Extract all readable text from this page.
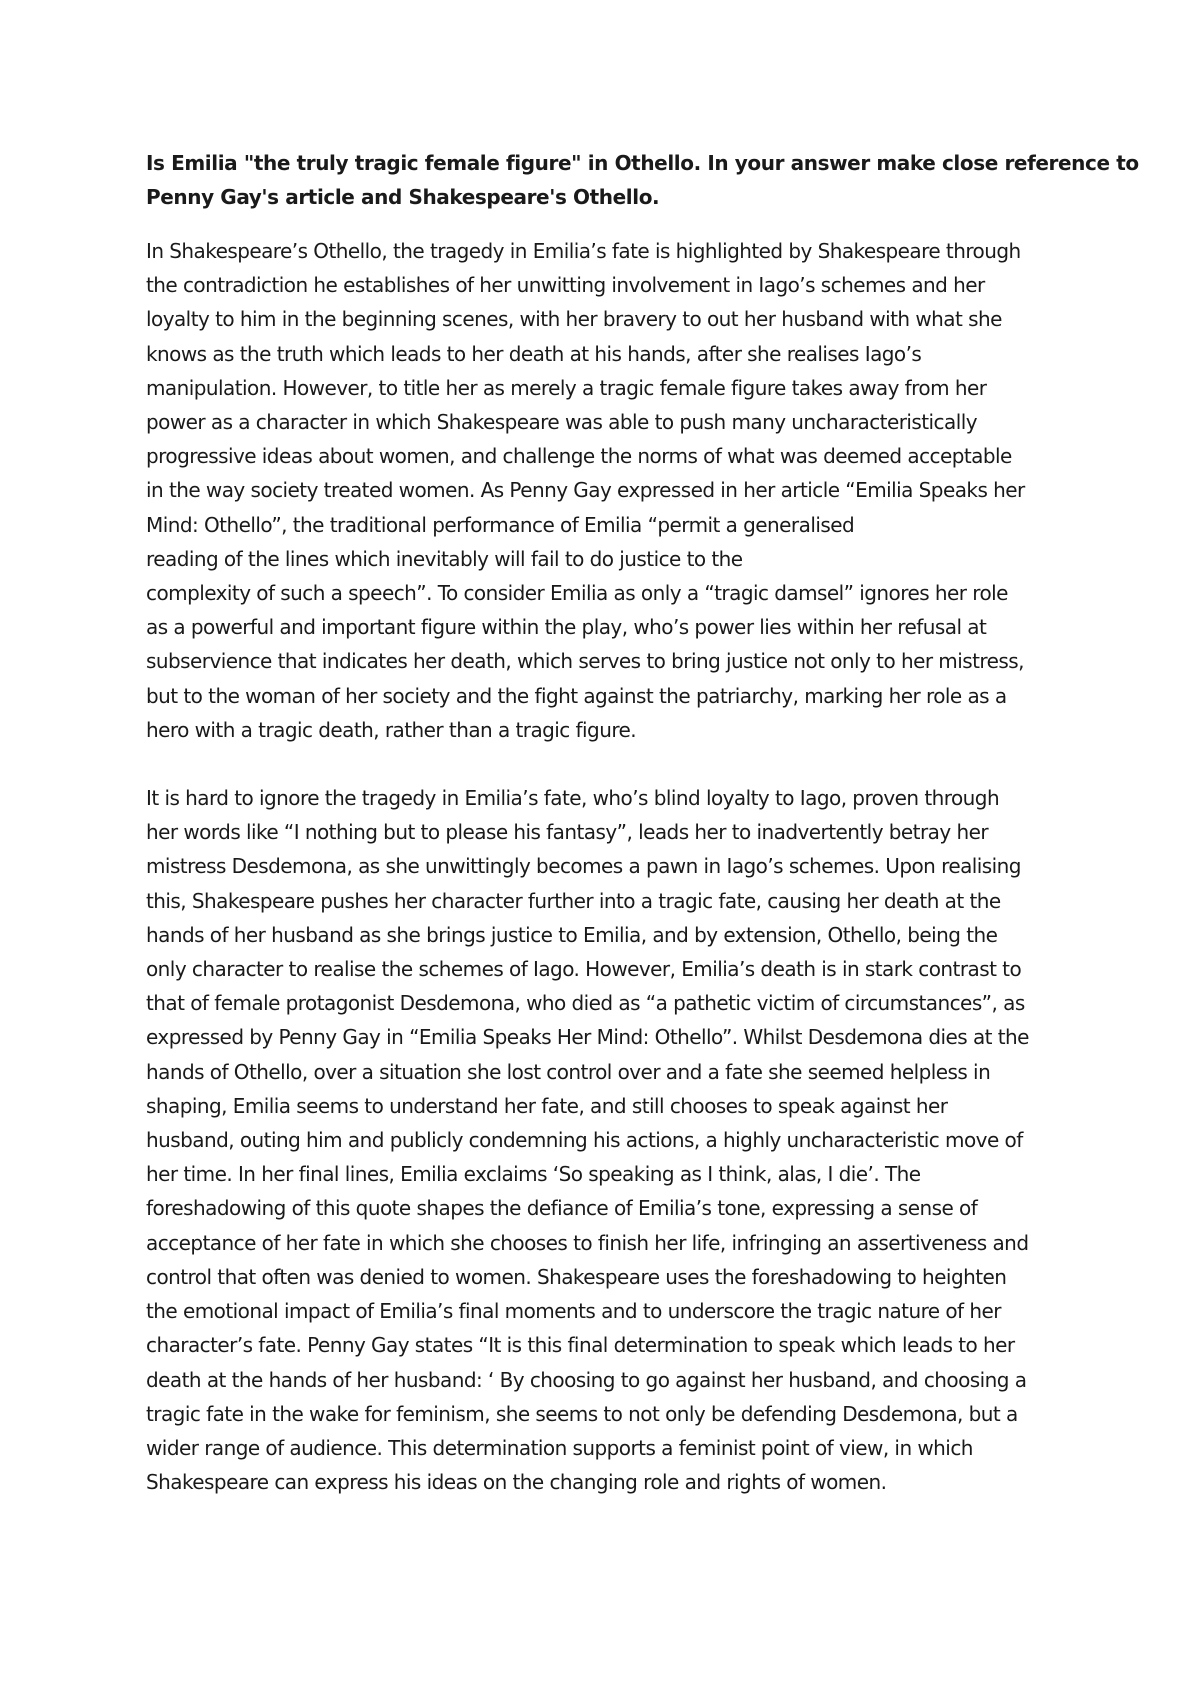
Is Emilia "the truly tragic female figure" in Othello. In your answer make close reference to
Penny Gay's article and Shakespeare's Othello.
In Shakespeare’s Othello, the tragedy in Emilia’s fate is highlighted by Shakespeare through
the contradiction he establishes of her unwitting involvement in Iago’s schemes and her
loyalty to him in the beginning scenes, with her bravery to out her husband with what she
knows as the truth which leads to her death at his hands, after she realises Iago’s
manipulation. However, to title her as merely a tragic female figure takes away from her
power as a character in which Shakespeare was able to push many uncharacteristically
progressive ideas about women, and challenge the norms of what was deemed acceptable
in the way society treated women. As Penny Gay expressed in her article “Emilia Speaks her
Mind: Othello”, the traditional performance of Emilia “permit a generalised
reading of the lines which inevitably will fail to do justice to the
complexity of such a speech”. To consider Emilia as only a “tragic damsel” ignores her role
as a powerful and important figure within the play, who’s power lies within her refusal at
subservience that indicates her death, which serves to bring justice not only to her mistress,
but to the woman of her society and the fight against the patriarchy, marking her role as a
hero with a tragic death, rather than a tragic figure.
It is hard to ignore the tragedy in Emilia’s fate, who’s blind loyalty to Iago, proven through
her words like “I nothing but to please his fantasy”, leads her to inadvertently betray her
mistress Desdemona, as she unwittingly becomes a pawn in Iago’s schemes. Upon realising
this, Shakespeare pushes her character further into a tragic fate, causing her death at the
hands of her husband as she brings justice to Emilia, and by extension, Othello, being the
only character to realise the schemes of Iago. However, Emilia’s death is in stark contrast to
that of female protagonist Desdemona, who died as “a pathetic victim of circumstances”, as
expressed by Penny Gay in “Emilia Speaks Her Mind: Othello”. Whilst Desdemona dies at the
hands of Othello, over a situation she lost control over and a fate she seemed helpless in
shaping, Emilia seems to understand her fate, and still chooses to speak against her
husband, outing him and publicly condemning his actions, a highly uncharacteristic move of
her time. In her final lines, Emilia exclaims ‘So speaking as I think, alas, I die’. The
foreshadowing of this quote shapes the defiance of Emilia’s tone, expressing a sense of
acceptance of her fate in which she chooses to finish her life, infringing an assertiveness and
control that often was denied to women. Shakespeare uses the foreshadowing to heighten
the emotional impact of Emilia’s final moments and to underscore the tragic nature of her
character’s fate. Penny Gay states “It is this final determination to speak which leads to her
death at the hands of her husband: ‘ By choosing to go against her husband, and choosing a
tragic fate in the wake for feminism, she seems to not only be defending Desdemona, but a
wider range of audience. This determination supports a feminist point of view, in which
Shakespeare can express his ideas on the changing role and rights of women.
